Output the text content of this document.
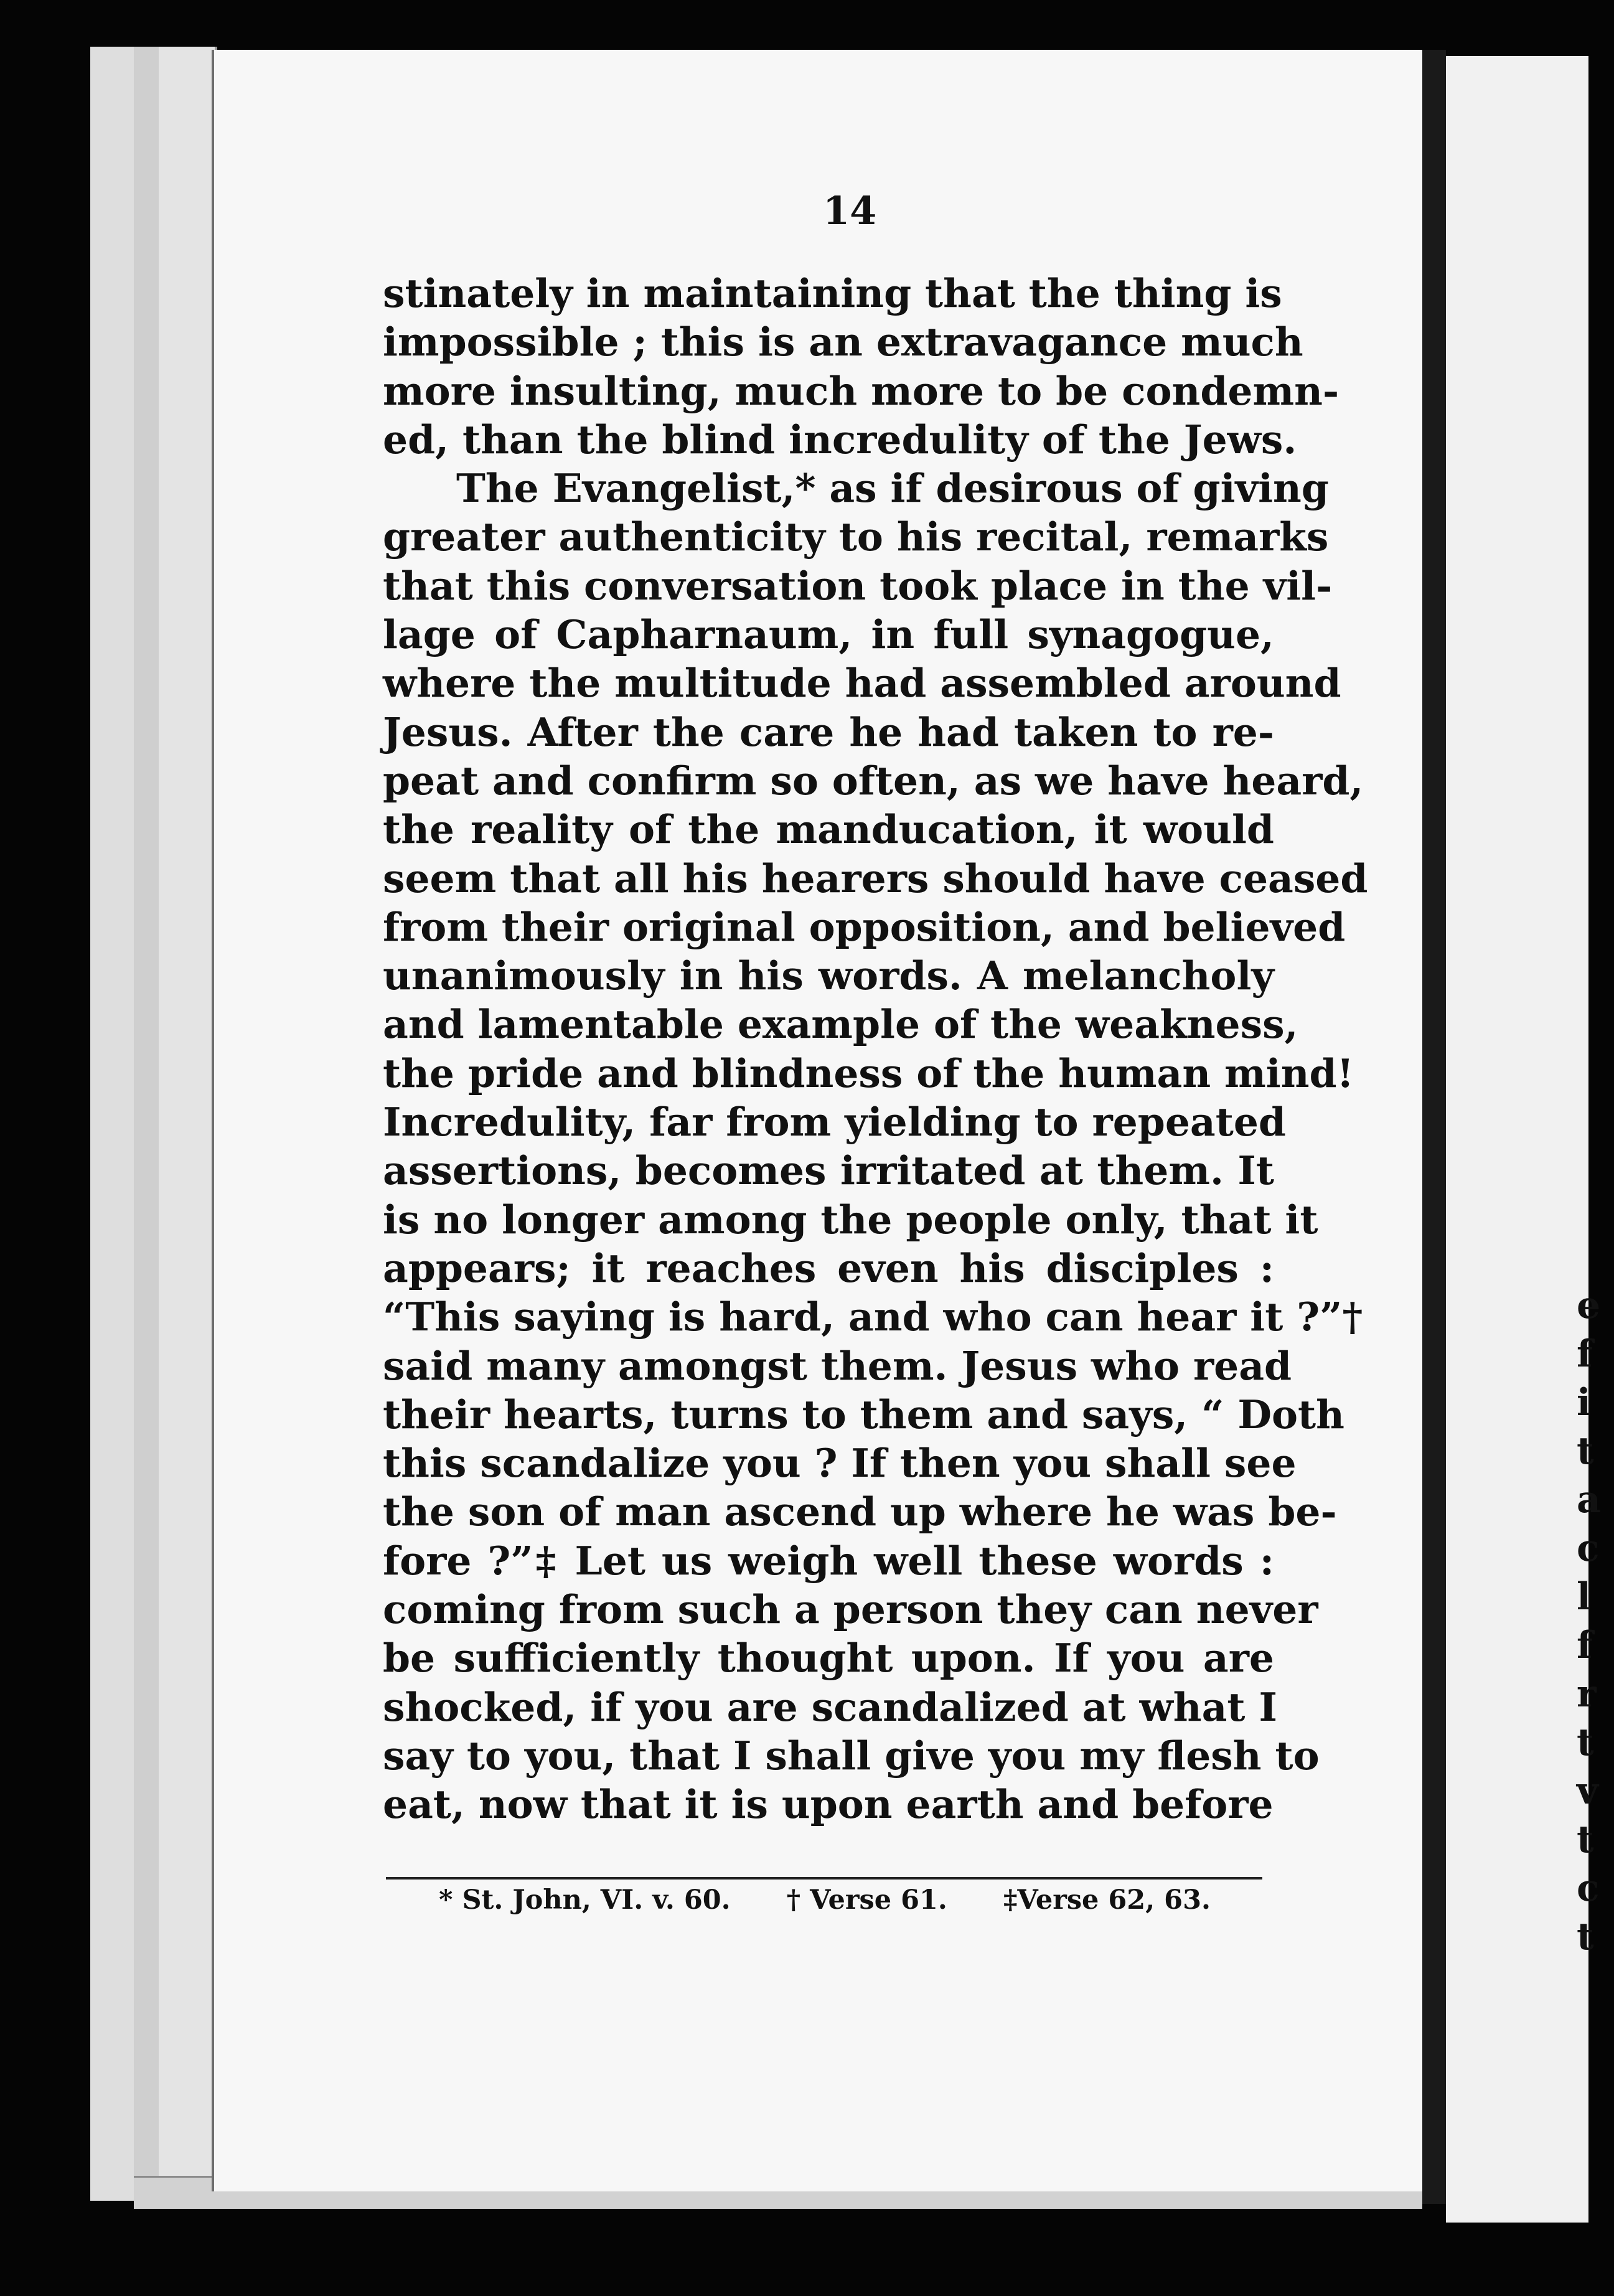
e
f
i
t
a
c
l
f
r
t
v
t
c
t
14
stinately in maintaining that the thing is
impossible ; this is an extravagance much
more insulting, much more to be condemn-
ed, than the blind incredulity of the Jews.
The Evangelist,* as if desirous of giving
greater authenticity to his recital, remarks
that this conversation took place in the vil-
lage of Capharnaum, in full synagogue,
where the multitude had assembled around
Jesus. After the care he had taken to re-
peat and confirm so often, as we have heard,
the reality of the manducation, it would
seem that all his hearers should have ceased
from their original opposition, and believed
unanimously in his words. A melancholy
and lamentable example of the weakness,
the pride and blindness of the human mind!
Incredulity, far from yielding to repeated
assertions, becomes irritated at them. It
is no longer among the people only, that it
appears; it reaches even his disciples :
“This saying is hard, and who can hear it ?”†
said many amongst them. Jesus who read
their hearts, turns to them and says, “ Doth
this scandalize you ? If then you shall see
the son of man ascend up where he was be-
fore ?”‡ Let us weigh well these words :
coming from such a person they can never
be sufficiently thought upon. If you are
shocked, if you are scandalized at what I
say to you, that I shall give you my flesh to
eat, now that it is upon earth and before
* St. John, VI. v. 60. † Verse 61. ‡Verse 62, 63.
